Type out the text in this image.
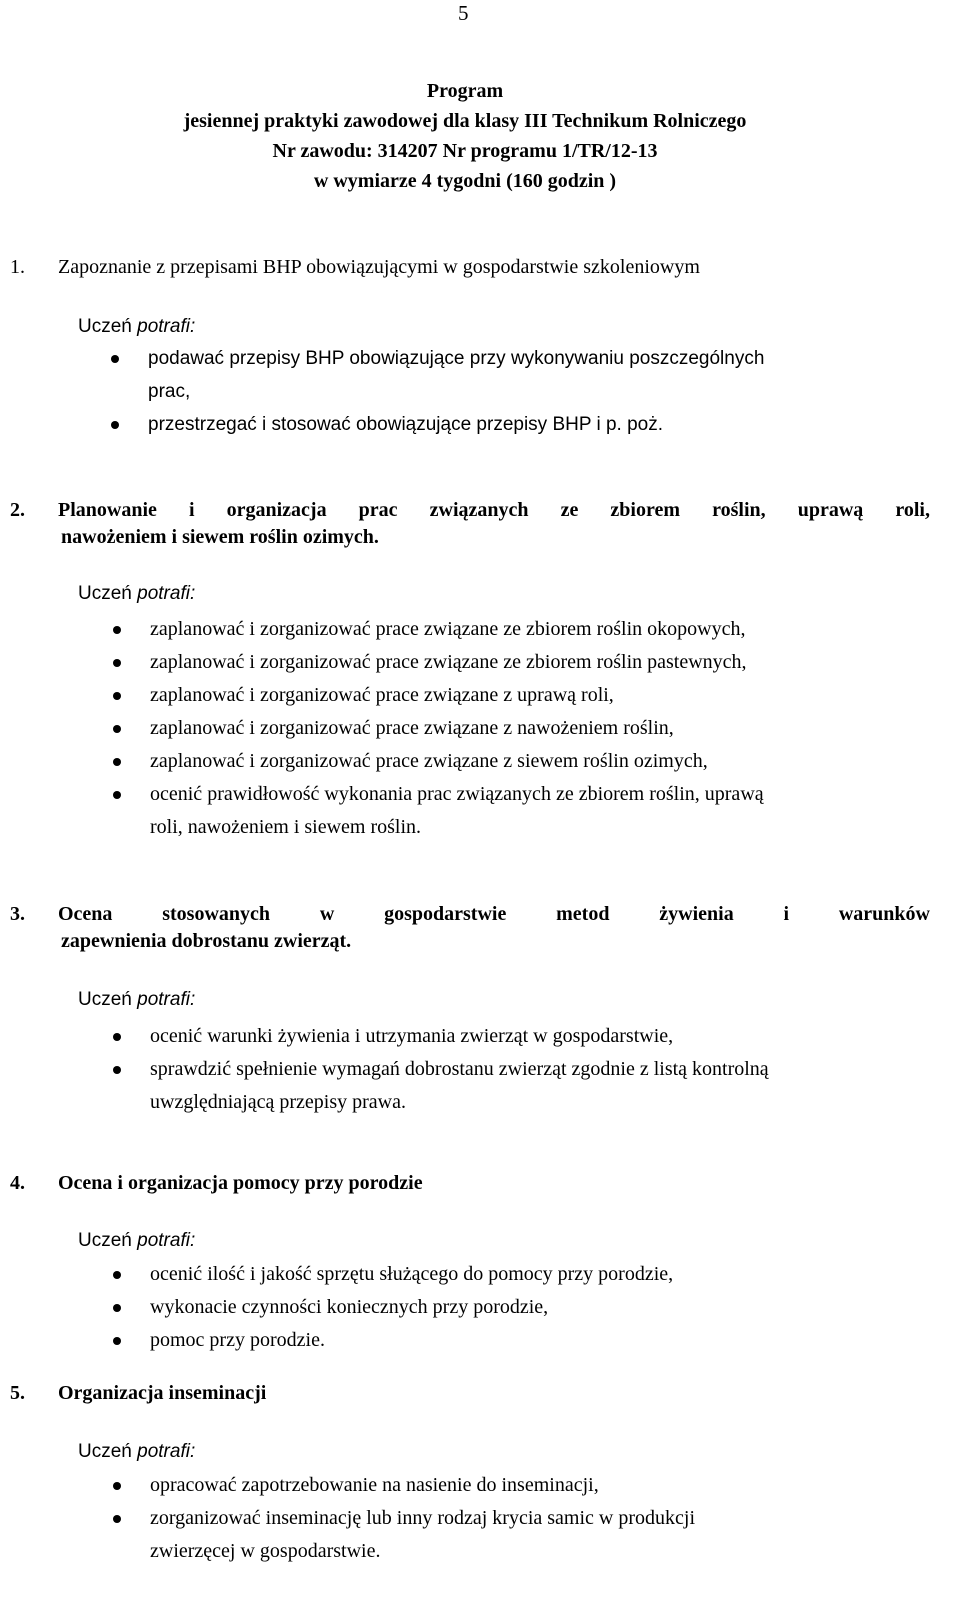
5
Program
jesiennej praktyki zawodowej dla klasy III Technikum Rolniczego
Nr zawodu: 314207 Nr programu 1/TR/12-13
w wymiarze 4 tygodni (160 godzin )
1. Zapoznanie z przepisami BHP obowiązującymi w gospodarstwie szkoleniowym
Uczeń potrafi:
podawać przepisy BHP obowiązujące przy wykonywaniu poszczególnych
prac,
przestrzegać i stosować obowiązujące przepisy BHP i p. poż.
2. Planowanie i organizacja prac związanych ze zbiorem roślin, uprawą roli,
nawożeniem i siewem roślin ozimych.
Uczeń potrafi:
zaplanować i zorganizować prace związane ze zbiorem roślin okopowych,
zaplanować i zorganizować prace związane ze zbiorem roślin pastewnych,
zaplanować i zorganizować prace związane z uprawą roli,
zaplanować i zorganizować prace związane z nawożeniem roślin,
zaplanować i zorganizować prace związane z siewem roślin ozimych,
ocenić prawidłowość wykonania prac związanych ze zbiorem roślin, uprawą
roli, nawożeniem i siewem roślin.
3. Ocena stosowanych w gospodarstwie metod żywienia i warunków
zapewnienia dobrostanu zwierząt.
Uczeń potrafi:
ocenić warunki żywienia i utrzymania zwierząt w gospodarstwie,
sprawdzić spełnienie wymagań dobrostanu zwierząt zgodnie z listą kontrolną
uwzględniającą przepisy prawa.
4. Ocena i organizacja pomocy przy porodzie
Uczeń potrafi:
ocenić ilość i jakość sprzętu służącego do pomocy przy porodzie,
wykonacie czynności koniecznych przy porodzie,
pomoc przy porodzie.
5. Organizacja inseminacji
Uczeń potrafi:
opracować zapotrzebowanie na nasienie do inseminacji,
zorganizować inseminację lub inny rodzaj krycia samic w produkcji
zwierzęcej w gospodarstwie.
